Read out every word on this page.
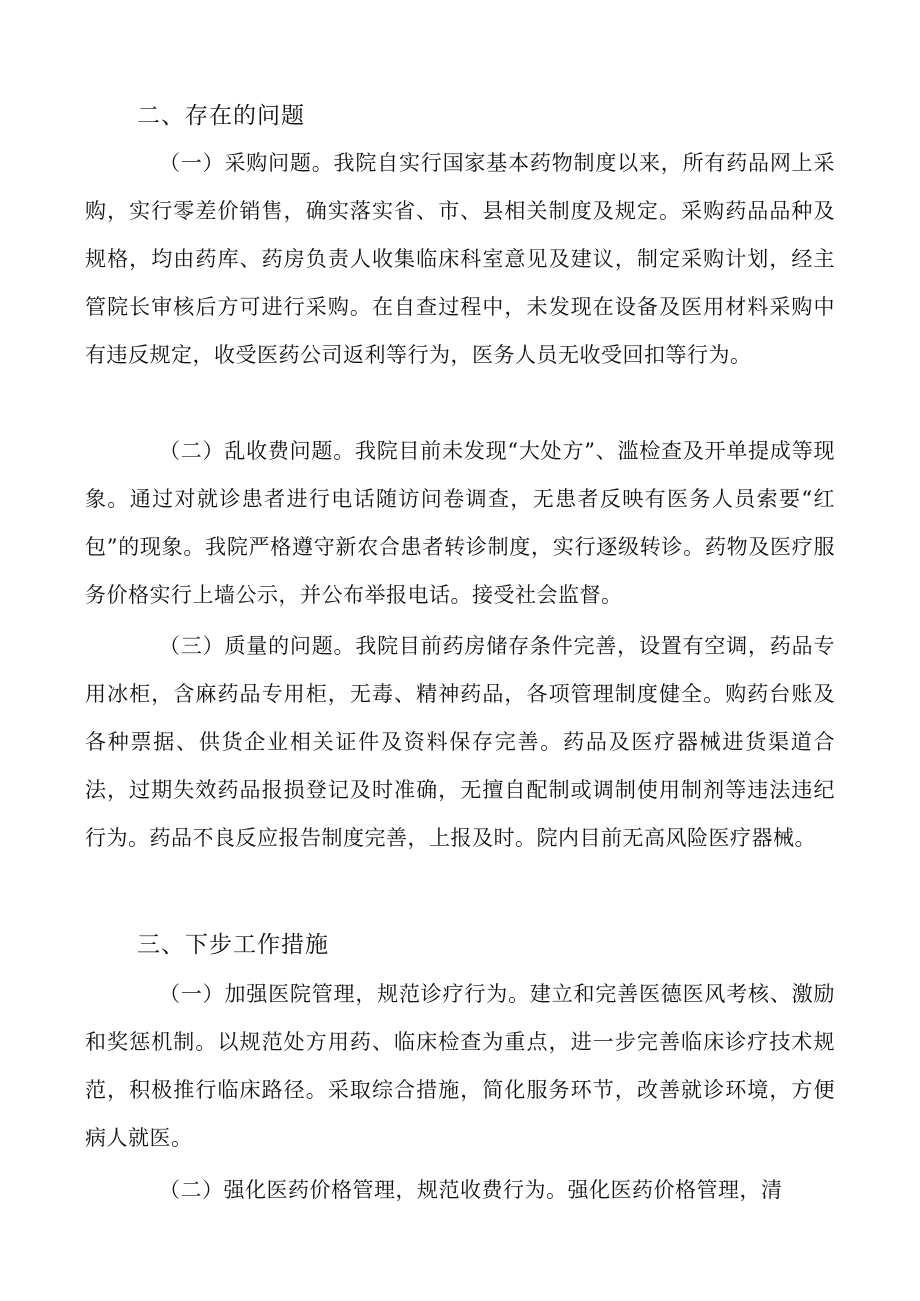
二、存在的问题

（一）采购问题。我院自实行国家基本药物制度以来，所有药品网上采购，实行零差价销售，确实落实省、市、县相关制度及规定。采购药品品种及规格，均由药库、药房负责人收集临床科室意见及建议，制定采购计划，经主管院长审核后方可进行采购。在自查过程中，未发现在设备及医用材料采购中有违反规定，收受医药公司返利等行为，医务人员无收受回扣等行为。

（二）乱收费问题。我院目前未发现“大处方”、滥检查及开单提成等现象。通过对就诊患者进行电话随访问卷调查，无患者反映有医务人员索要“红包”的现象。我院严格遵守新农合患者转诊制度，实行逐级转诊。药物及医疗服务价格实行上墙公示，并公布举报电话。接受社会监督。

（三）质量的问题。我院目前药房储存条件完善，设置有空调，药品专用冰柜，含麻药品专用柜，无毒、精神药品，各项管理制度健全。购药台账及各种票据、供货企业相关证件及资料保存完善。药品及医疗器械进货渠道合法，过期失效药品报损登记及时准确，无擅自配制或调制使用制剂等违法违纪行为。药品不良反应报告制度完善，上报及时。院内目前无高风险医疗器械。

三、下步工作措施

（一）加强医院管理，规范诊疗行为。建立和完善医德医风考核、激励和奖惩机制。以规范处方用药、临床检查为重点，进一步完善临床诊疗技术规范，积极推行临床路径。采取综合措施，简化服务环节，改善就诊环境，方便病人就医。

（二）强化医药价格管理，规范收费行为。强化医药价格管理，清
